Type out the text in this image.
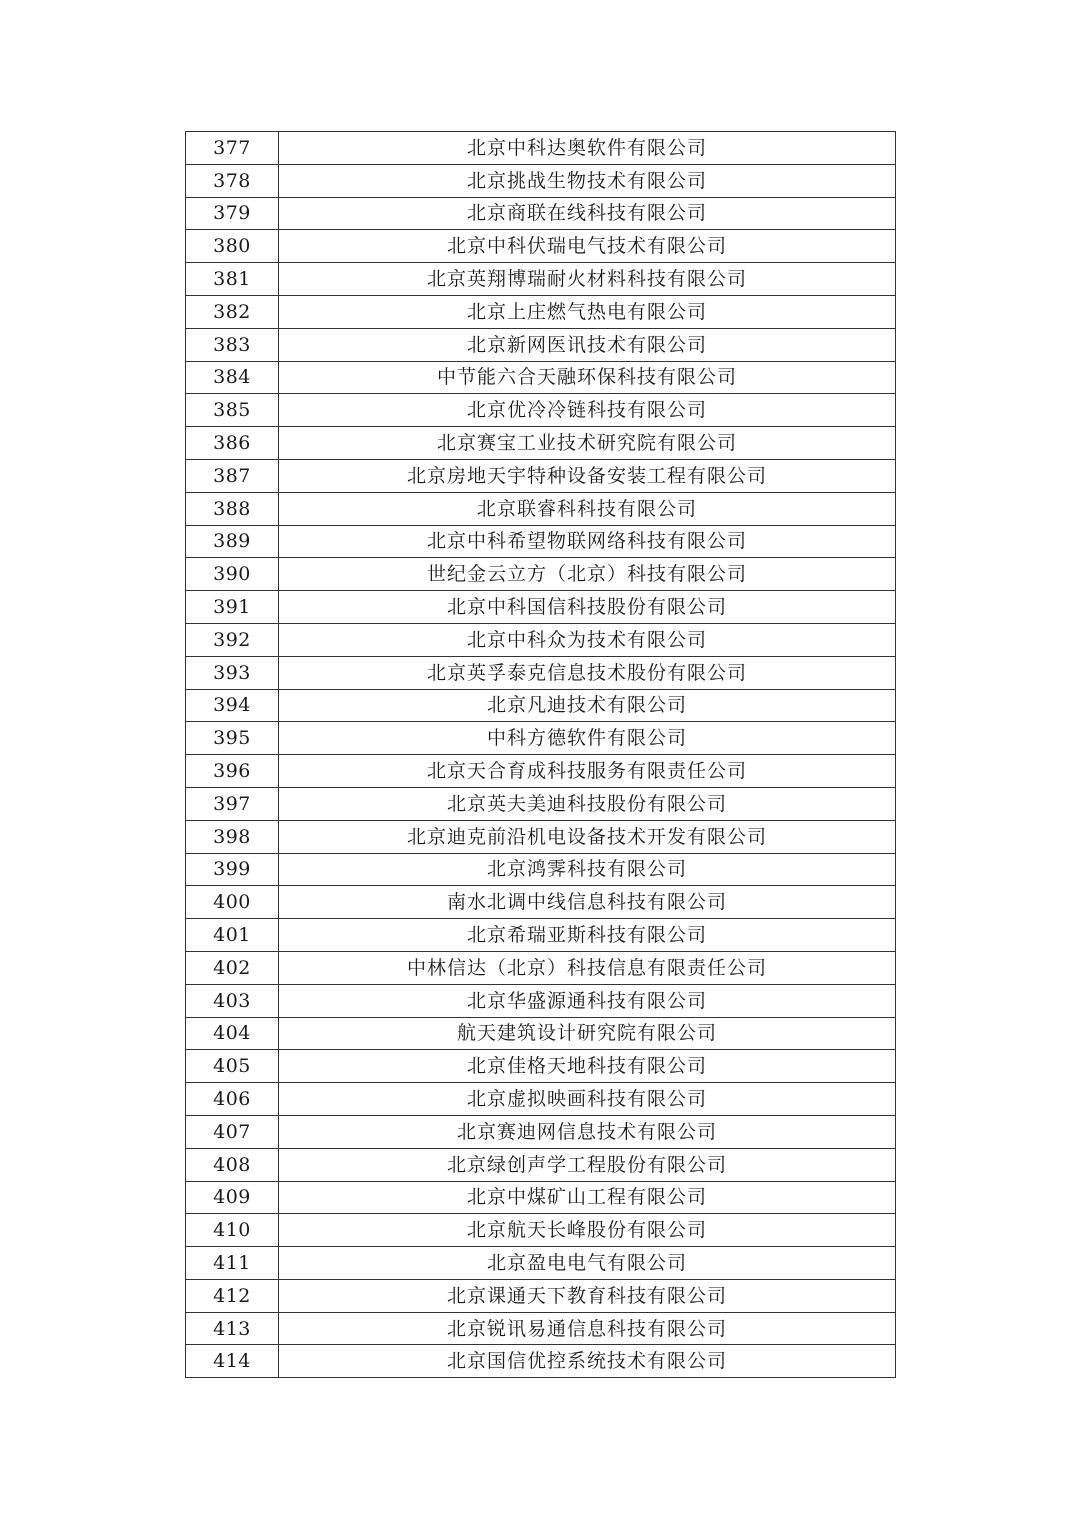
377	北京中科达奥软件有限公司
378	北京挑战生物技术有限公司
379	北京商联在线科技有限公司
380	北京中科伏瑞电气技术有限公司
381	北京英翔博瑞耐火材料科技有限公司
382	北京上庄燃气热电有限公司
383	北京新网医讯技术有限公司
384	中节能六合天融环保科技有限公司
385	北京优冷冷链科技有限公司
386	北京赛宝工业技术研究院有限公司
387	北京房地天宇特种设备安装工程有限公司
388	北京联睿科科技有限公司
389	北京中科希望物联网络科技有限公司
390	世纪金云立方（北京）科技有限公司
391	北京中科国信科技股份有限公司
392	北京中科众为技术有限公司
393	北京英孚泰克信息技术股份有限公司
394	北京凡迪技术有限公司
395	中科方德软件有限公司
396	北京天合育成科技服务有限责任公司
397	北京英夫美迪科技股份有限公司
398	北京迪克前沿机电设备技术开发有限公司
399	北京鸿霁科技有限公司
400	南水北调中线信息科技有限公司
401	北京希瑞亚斯科技有限公司
402	中林信达（北京）科技信息有限责任公司
403	北京华盛源通科技有限公司
404	航天建筑设计研究院有限公司
405	北京佳格天地科技有限公司
406	北京虚拟映画科技有限公司
407	北京赛迪网信息技术有限公司
408	北京绿创声学工程股份有限公司
409	北京中煤矿山工程有限公司
410	北京航天长峰股份有限公司
411	北京盈电电气有限公司
412	北京课通天下教育科技有限公司
413	北京锐讯易通信息科技有限公司
414	北京国信优控系统技术有限公司
